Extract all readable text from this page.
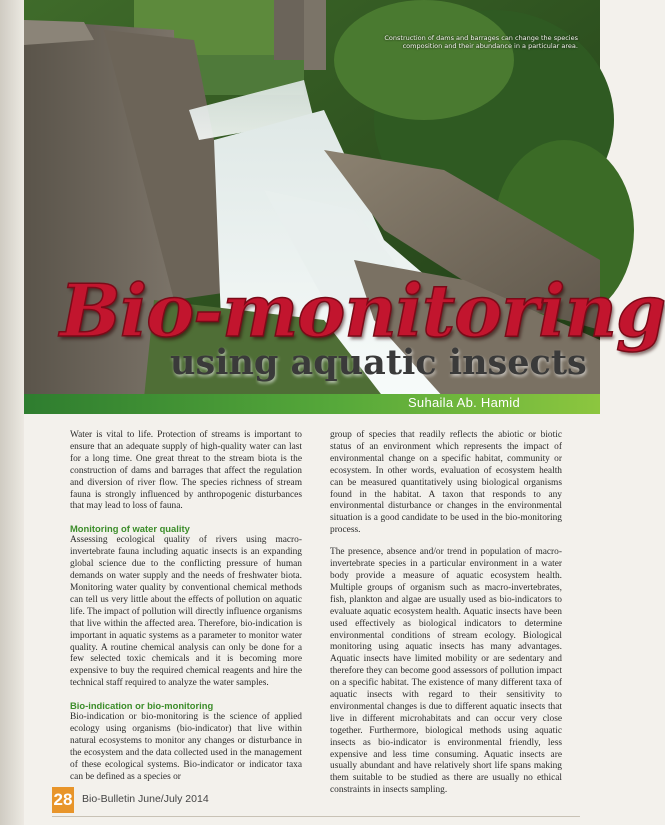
Construction of dams and barrages can change the species composition and their abundance in a particular area.
Bio-monitoring
using aquatic insects
Suhaila Ab. Hamid

Water is vital to life. Protection of streams is important to ensure that an adequate supply of high-quality water can last for a long time. One great threat to the stream biota is the construction of dams and barrages that affect the regulation and diversion of river flow. The species richness of stream fauna is strongly influenced by anthropogenic disturbances that may lead to loss of fauna.

Monitoring of water quality

Assessing ecological quality of rivers using macro-invertebrate fauna including aquatic insects is an expanding global science due to the conflicting pressure of human demands on water supply and the needs of freshwater biota. Monitoring water quality by conventional chemical methods can tell us very little about the effects of pollution on aquatic life. The impact of pollution will directly influence organisms that live within the affected area. Therefore, bio-indication is important in aquatic systems as a parameter to monitor water quality. A routine chemical analysis can only be done for a few selected toxic chemicals and it is becoming more expensive to buy the required chemical reagents and hire the technical staff required to analyze the water samples.

Bio-indication or bio-monitoring

Bio-indication or bio-monitoring is the science of applied ecology using organisms (bio-indicator) that live within natural ecosystems to monitor any changes or disturbance in the ecosystem and the data collected used in the management of these ecological systems. Bio-indicator or indicator taxa can be defined as a species or

group of species that readily reflects the abiotic or biotic status of an environment which represents the impact of environmental change on a specific habitat, community or ecosystem. In other words, evaluation of ecosystem health can be measured quantitatively using biological organisms found in the habitat. A taxon that responds to any environmental disturbance or changes in the environmental situation is a good candidate to be used in the bio-monitoring process.

The presence, absence and/or trend in population of macro-invertebrate species in a particular environment in a water body provide a measure of aquatic ecosystem health. Multiple groups of organism such as macro-invertebrates, fish, plankton and algae are usually used as bio-indicators to evaluate aquatic ecosystem health. Aquatic insects have been used effectively as biological indicators to determine environmental conditions of stream ecology. Biological monitoring using aquatic insects has many advantages. Aquatic insects have limited mobility or are sedentary and therefore they can become good assessors of pollution impact on a specific habitat. The existence of many different taxa of aquatic insects with regard to their sensitivity to environmental changes is due to different aquatic insects that live in different microhabitats and can occur very close together. Furthermore, biological methods using aquatic insects as bio-indicator is environmental friendly, less expensive and less time consuming. Aquatic insects are usually abundant and have relatively short life spans making them suitable to be studied as there are usually no ethical constraints in insects sampling.

28 Bio-Bulletin June/July 2014
